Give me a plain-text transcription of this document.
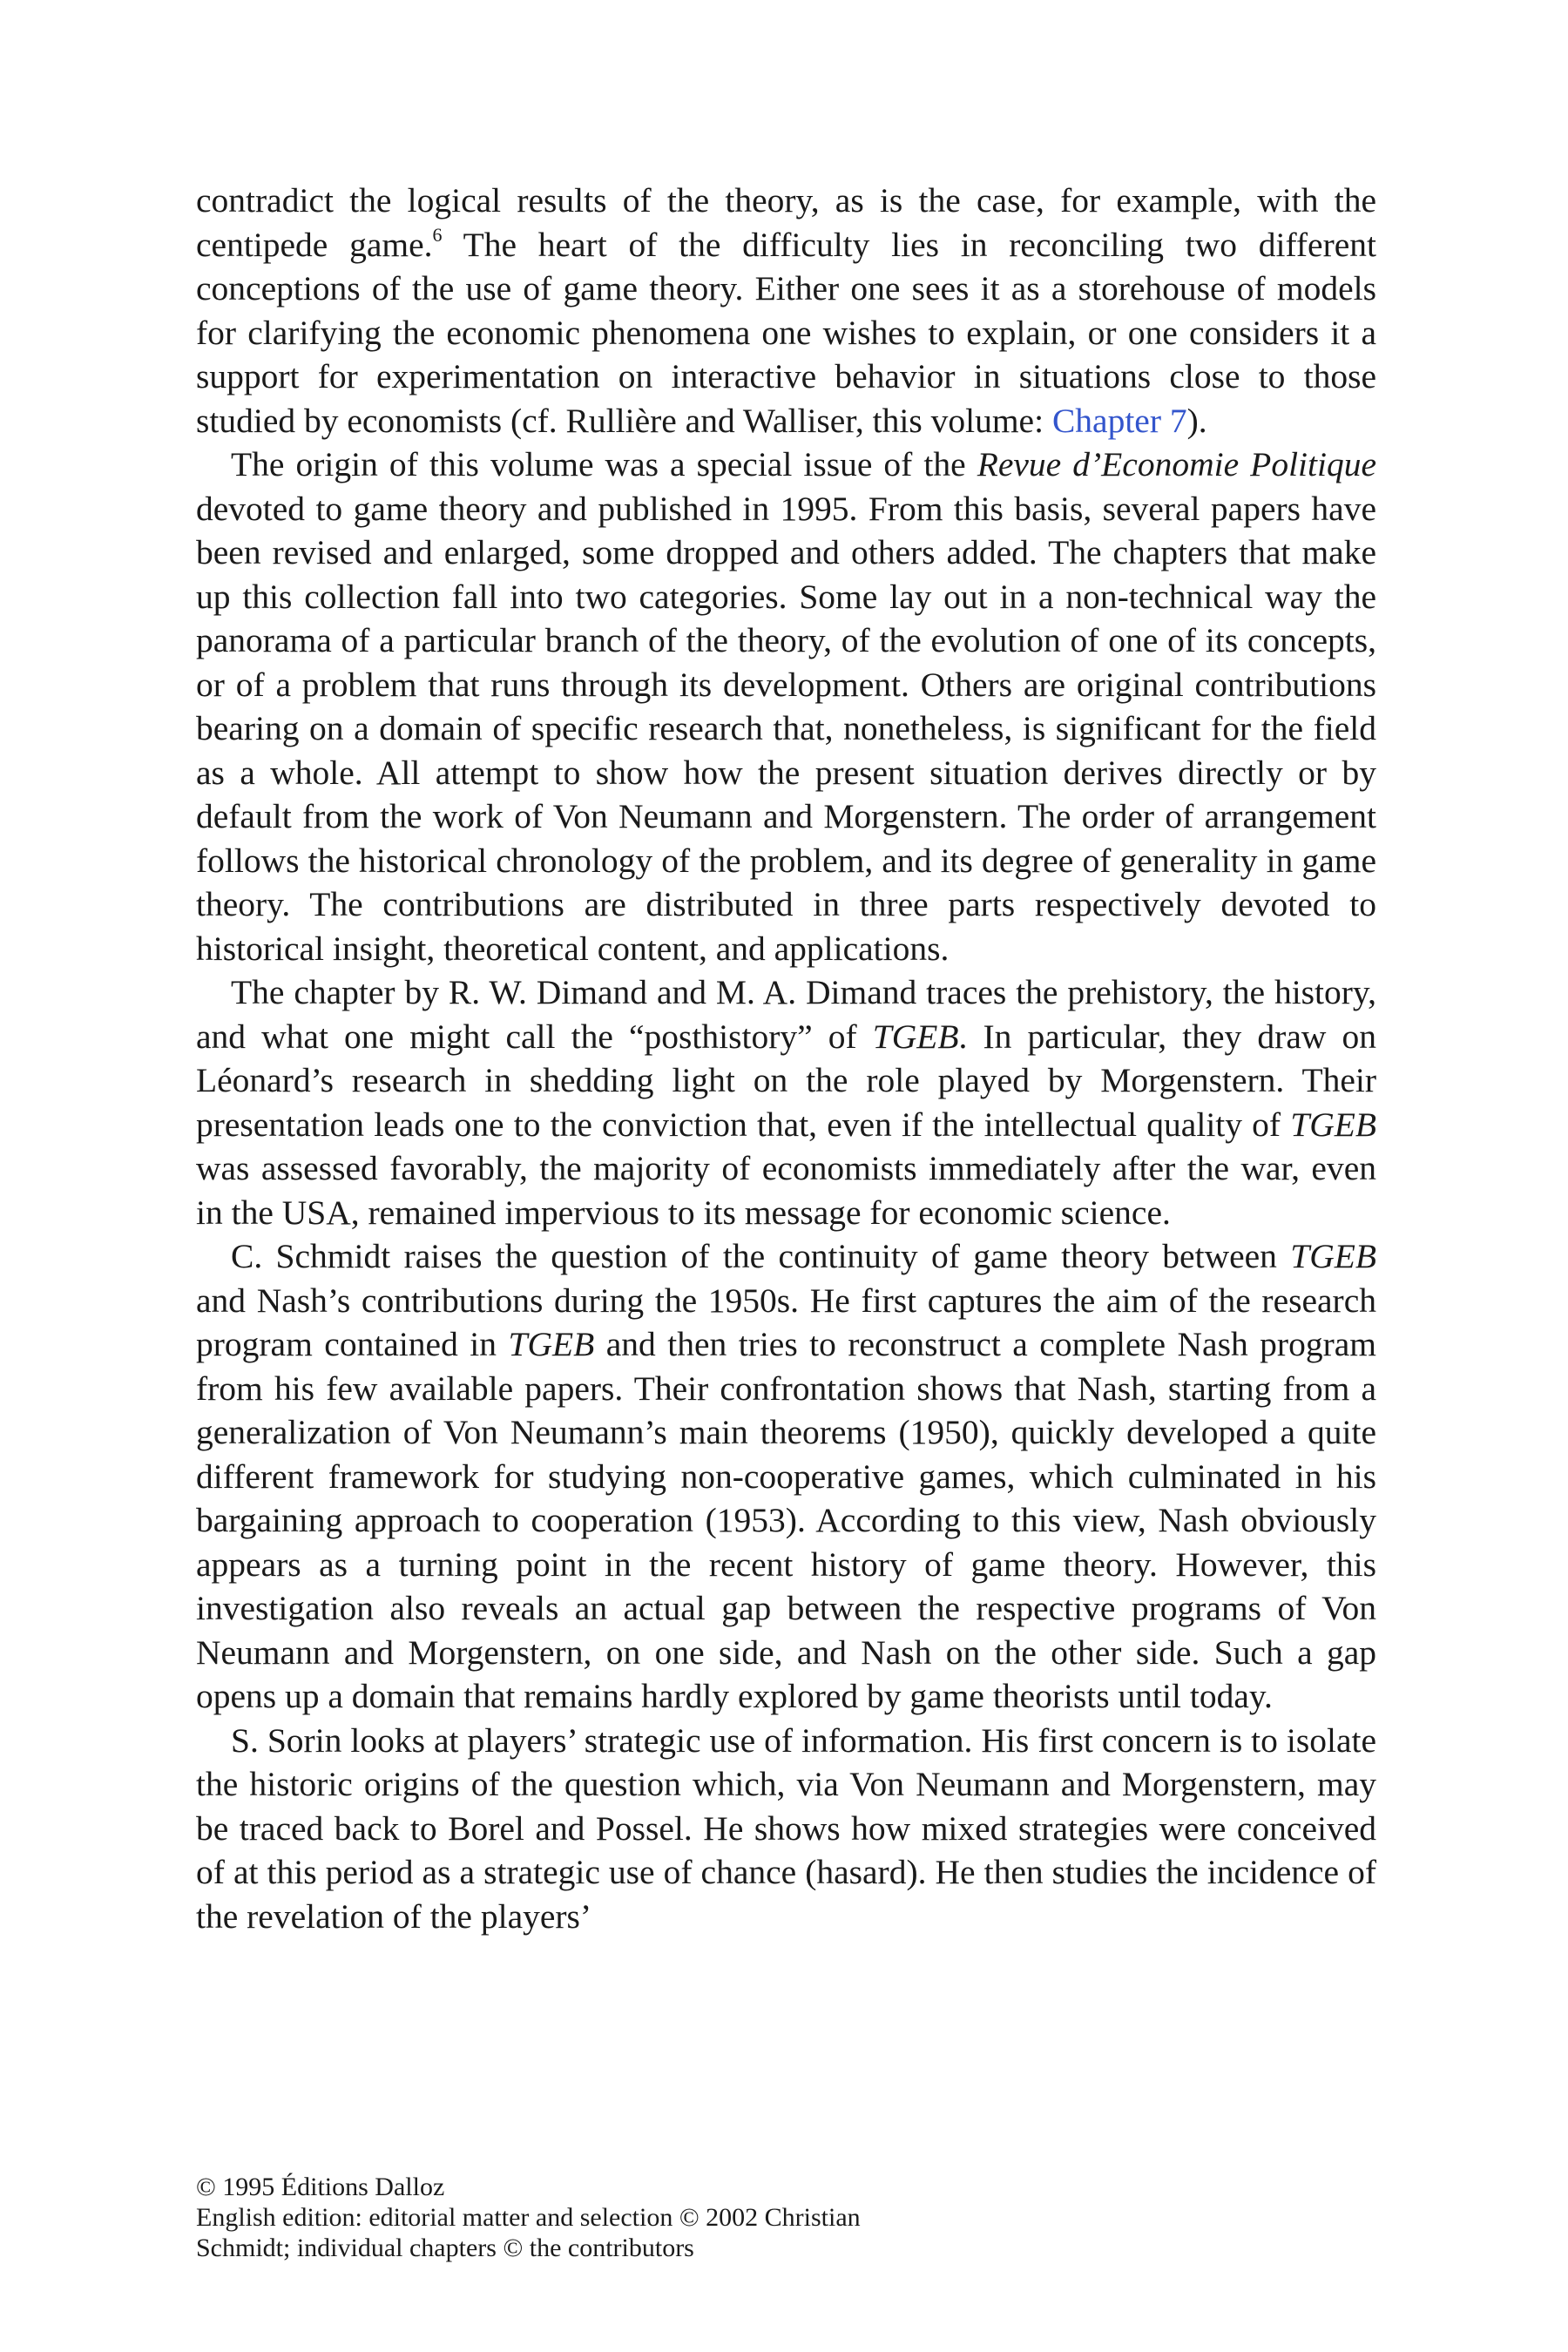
contradict the logical results of the theory, as is the case, for example, with the centipede game.$^6$ The heart of the difficulty lies in reconciling two different conceptions of the use of game theory. Either one sees it as a storehouse of models for clarifying the economic phenomena one wishes to explain, or one considers it a support for experimentation on interactive behavior in situations close to those studied by economists (cf. Rullière and Walliser, this volume: Chapter 7).

The origin of this volume was a special issue of the Revue d’Economie Politique devoted to game theory and published in 1995. From this basis, several papers have been revised and enlarged, some dropped and others added. The chapters that make up this collection fall into two categories. Some lay out in a non-technical way the panorama of a particular branch of the theory, of the evolution of one of its concepts, or of a problem that runs through its development. Others are original contributions bearing on a domain of specific research that, nonetheless, is significant for the field as a whole. All attempt to show how the present situation derives directly or by default from the work of Von Neumann and Morgenstern. The order of arrangement follows the historical chronology of the problem, and its degree of generality in game theory. The contributions are distributed in three parts respectively devoted to historical insight, theoretical content, and applications.

The chapter by R. W. Dimand and M. A. Dimand traces the prehistory, the history, and what one might call the “posthistory” of TGEB. In particular, they draw on Léonard’s research in shedding light on the role played by Morgenstern. Their presentation leads one to the conviction that, even if the intellectual quality of TGEB was assessed favorably, the majority of economists immediately after the war, even in the USA, remained impervious to its message for economic science.

C. Schmidt raises the question of the continuity of game theory between TGEB and Nash’s contributions during the 1950s. He first captures the aim of the research program contained in TGEB and then tries to reconstruct a complete Nash program from his few available papers. Their confrontation shows that Nash, starting from a generalization of Von Neumann’s main theorems (1950), quickly developed a quite different framework for studying non-cooperative games, which culminated in his bargaining approach to cooperation (1953). According to this view, Nash obviously appears as a turning point in the recent history of game theory. However, this investigation also reveals an actual gap between the respective programs of Von Neumann and Morgenstern, on one side, and Nash on the other side. Such a gap opens up a domain that remains hardly explored by game theorists until today.

S. Sorin looks at players’ strategic use of information. His first concern is to isolate the historic origins of the question which, via Von Neumann and Morgenstern, may be traced back to Borel and Possel. He shows how mixed strategies were conceived of at this period as a strategic use of chance (hasard). He then studies the incidence of the revelation of the players’

© 1995 Éditions Dalloz
English edition: editorial matter and selection © 2002 Christian
Schmidt; individual chapters © the contributors
